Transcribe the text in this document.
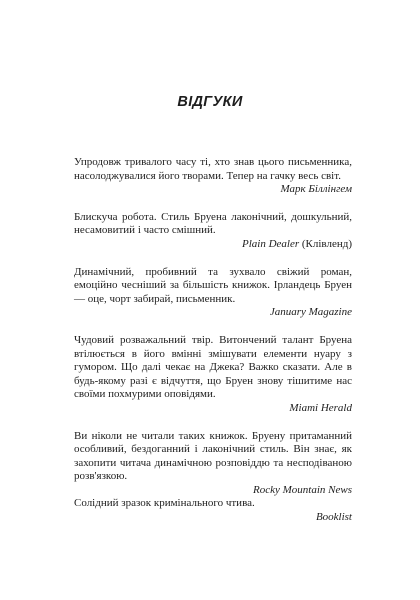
ВІДГУКИ

Упродовж тривалого часу ті, хто знав цього письменника, насолоджувалися його творами. Тепер на гачку весь світ.

Марк Біллінгем

Блискуча робота. Стиль Бруена лаконічний, дошкульний, несамовитий і часто смішний.

Plain Dealer (Клівленд)

Динамічний, пробивний та зухвало свіжий роман, емоційно чесніший за більшість книжок. Ірландець Бруен — оце, чорт забирай, письменник.

January Magazine

Чудовий розважальний твір. Витончений талант Бруена втілюється в його вмінні змішувати елементи нуару з гумором. Що далі чекає на Джека? Важко сказати. Але в будь-якому разі є відчуття, що Бруен знову тішитиме нас своїми похмурими оповідями.

Miami Herald

Ви ніколи не читали таких книжок. Бруену притаманний особливий, бездоганний і лаконічний стиль. Він знає, як захопити читача динамічною розповіддю та несподіваною розв'язкою.

Rocky Mountain News

Солідний зразок кримінального чтива.

Booklist
